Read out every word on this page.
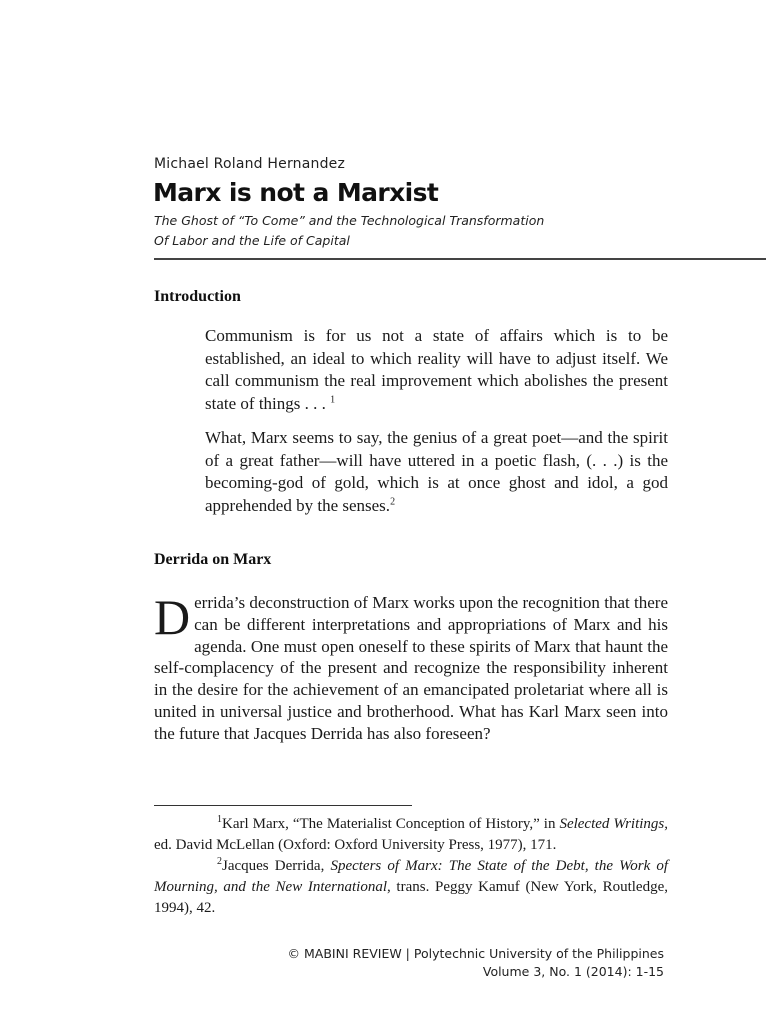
Michael Roland Hernandez
Marx is not a Marxist
The Ghost of “To Come” and the Technological Transformation
Of Labor and the Life of Capital
Introduction
Communism is for us not a state of affairs which is to be established, an ideal to which reality will have to adjust itself. We call communism the real improvement which abolishes the present state of things . . . $^1$
What, Marx seems to say, the genius of a great poet—and the spirit of a great father—will have uttered in a poetic flash, (. . .) is the becoming-god of gold, which is at once ghost and idol, a god apprehended by the senses.$^2$
Derrida on Marx
Derrida’s deconstruction of Marx works upon the recognition that there can be different interpretations and appropriations of Marx and his agenda. One must open oneself to these spirits of Marx that haunt the self-complacency of the present and recognize the responsibility inherent in the desire for the achievement of an emancipated proletariat where all is united in universal justice and brotherhood. What has Karl Marx seen into the future that Jacques Derrida has also foreseen?

$^1$Karl Marx, “The Materialist Conception of History,” in Selected Writings, ed. David McLellan (Oxford: Oxford University Press, 1977), 171.

$^2$Jacques Derrida, Specters of Marx: The State of the Debt, the Work of Mourning, and the New International, trans. Peggy Kamuf (New York, Routledge, 1994), 42.

© MABINI REVIEW | Polytechnic University of the Philippines
Volume 3, No. 1 (2014): 1-15
